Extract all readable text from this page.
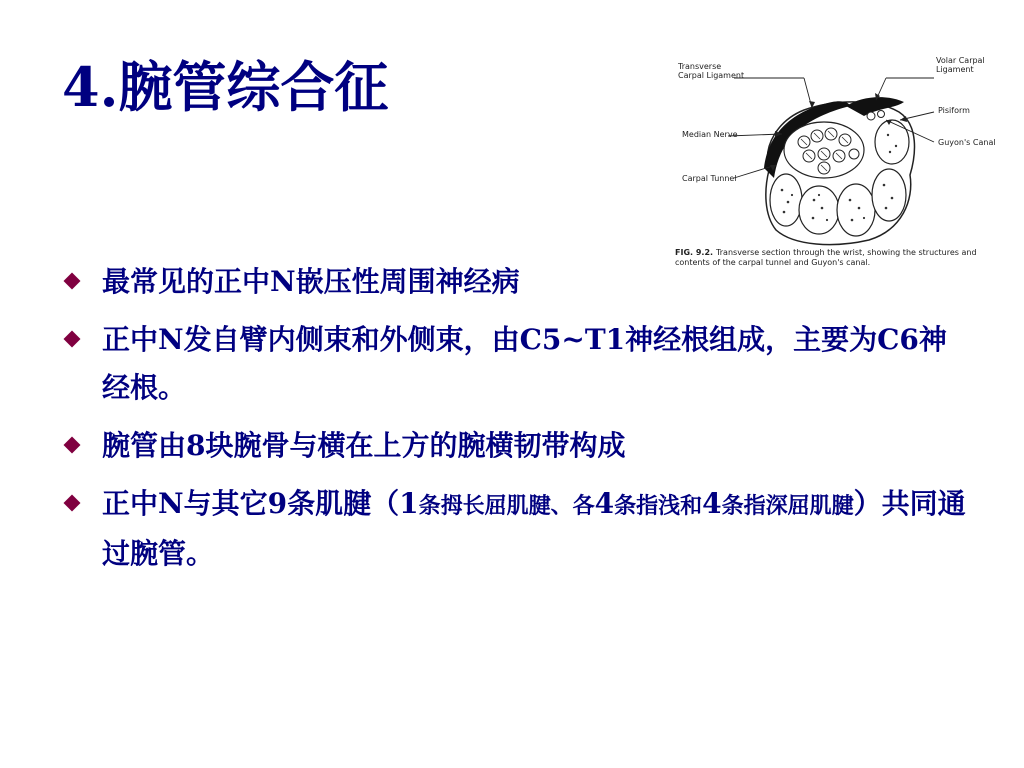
4.腕管综合征	Transverse
Carpal Ligament
Volar Carpal
Ligament
Pisiform
Median Nerve
Guyon's Canal
Carpal Tunnel
FIG. 9.2. Transverse section through the wrist, showing the structures and contents of the carpal tunnel and Guyon's canal.
最常见的正中N嵌压性周围神经病
正中N发自臂内侧束和外侧束，由C5~T1神经根组成，主要为C6神经根。
腕管由8块腕骨与横在上方的腕横韧带构成
正中N与其它9条肌腱（1条拇长屈肌腱、各4条指浅和4条指深屈肌腱）共同通过腕管。
